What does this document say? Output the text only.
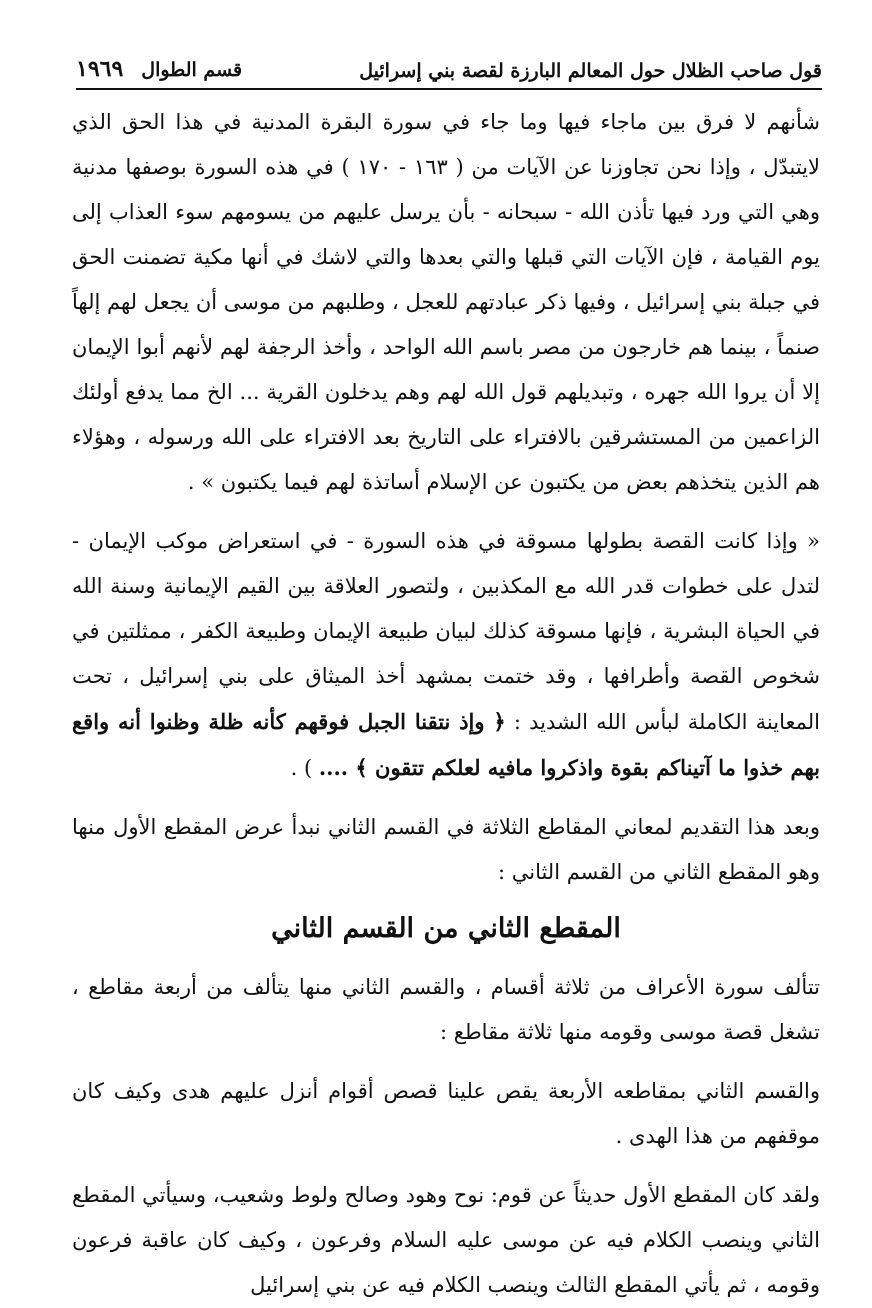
قول صاحب الظلال حول المعالم البارزة لقصة بني إسرائيل
قسم الطوال
١٩٦٩

شأنهم لا فرق بين ماجاء فيها وما جاء في سورة البقرة المدنية في هذا الحق الذي لايتبدّل ، وإذا نحن تجاوزنا عن الآيات من ( ١٦٣ - ١٧٠ ) في هذه السورة بوصفها مدنية وهي التي ورد فيها تأذن الله - سبحانه - بأن يرسل عليهم من يسومهم سوء العذاب إلى يوم القيامة ، فإن الآيات التي قبلها والتي بعدها والتي لاشك في أنها مكية تضمنت الحق في جبلة بني إسرائيل ، وفيها ذكر عبادتهم للعجل ، وطلبهم من موسى أن يجعل لهم إلهاً صنماً ، بينما هم خارجون من مصر باسم الله الواحد ، وأخذ الرجفة لهم لأنهم أبوا الإيمان إلا أن يروا الله جهره ، وتبديلهم قول الله لهم وهم يدخلون القرية ... الخ مما يدفع أولئك الزاعمين من المستشرقين بالافتراء على التاريخ بعد الافتراء على الله ورسوله ، وهؤلاء هم الذين يتخذهم بعض من يكتبون عن الإسلام أساتذة لهم فيما يكتبون » .

« وإذا كانت القصة بطولها مسوقة في هذه السورة - في استعراض موكب الإيمان - لتدل على خطوات قدر الله مع المكذبين ، ولتصور العلاقة بين القيم الإيمانية وسنة الله في الحياة البشرية ، فإنها مسوقة كذلك لبيان طبيعة الإيمان وطبيعة الكفر ، ممثلتين في شخوص القصة وأطرافها ، وقد ختمت بمشهد أخذ الميثاق على بني إسرائيل ، تحت المعاينة الكاملة لبأس الله الشديد : ﴿ وإذ نتقنا الجبل فوقهم كأنه ظلة وظنوا أنه واقع بهم خذوا ما آتيناكم بقوة واذكروا مافيه لعلكم تتقون ﴾ .... ) .

وبعد هذا التقديم لمعاني المقاطع الثلاثة في القسم الثاني نبدأ عرض المقطع الأول منها وهو المقطع الثاني من القسم الثاني :

المقطع الثاني من القسم الثاني

تتألف سورة الأعراف من ثلاثة أقسام ، والقسم الثاني منها يتألف من أربعة مقاطع ، تشغل قصة موسى وقومه منها ثلاثة مقاطع :

والقسم الثاني بمقاطعه الأربعة يقص علينا قصص أقوام أنزل عليهم هدى وكيف كان موقفهم من هذا الهدى .

ولقد كان المقطع الأول حديثاً عن قوم: نوح وهود وصالح ولوط وشعيب، وسيأتي المقطع الثاني وينصب الكلام فيه عن موسى عليه السلام وفرعون ، وكيف كان عاقبة فرعون وقومه ، ثم يأتي المقطع الثالث وينصب الكلام فيه عن بني إسرائيل
